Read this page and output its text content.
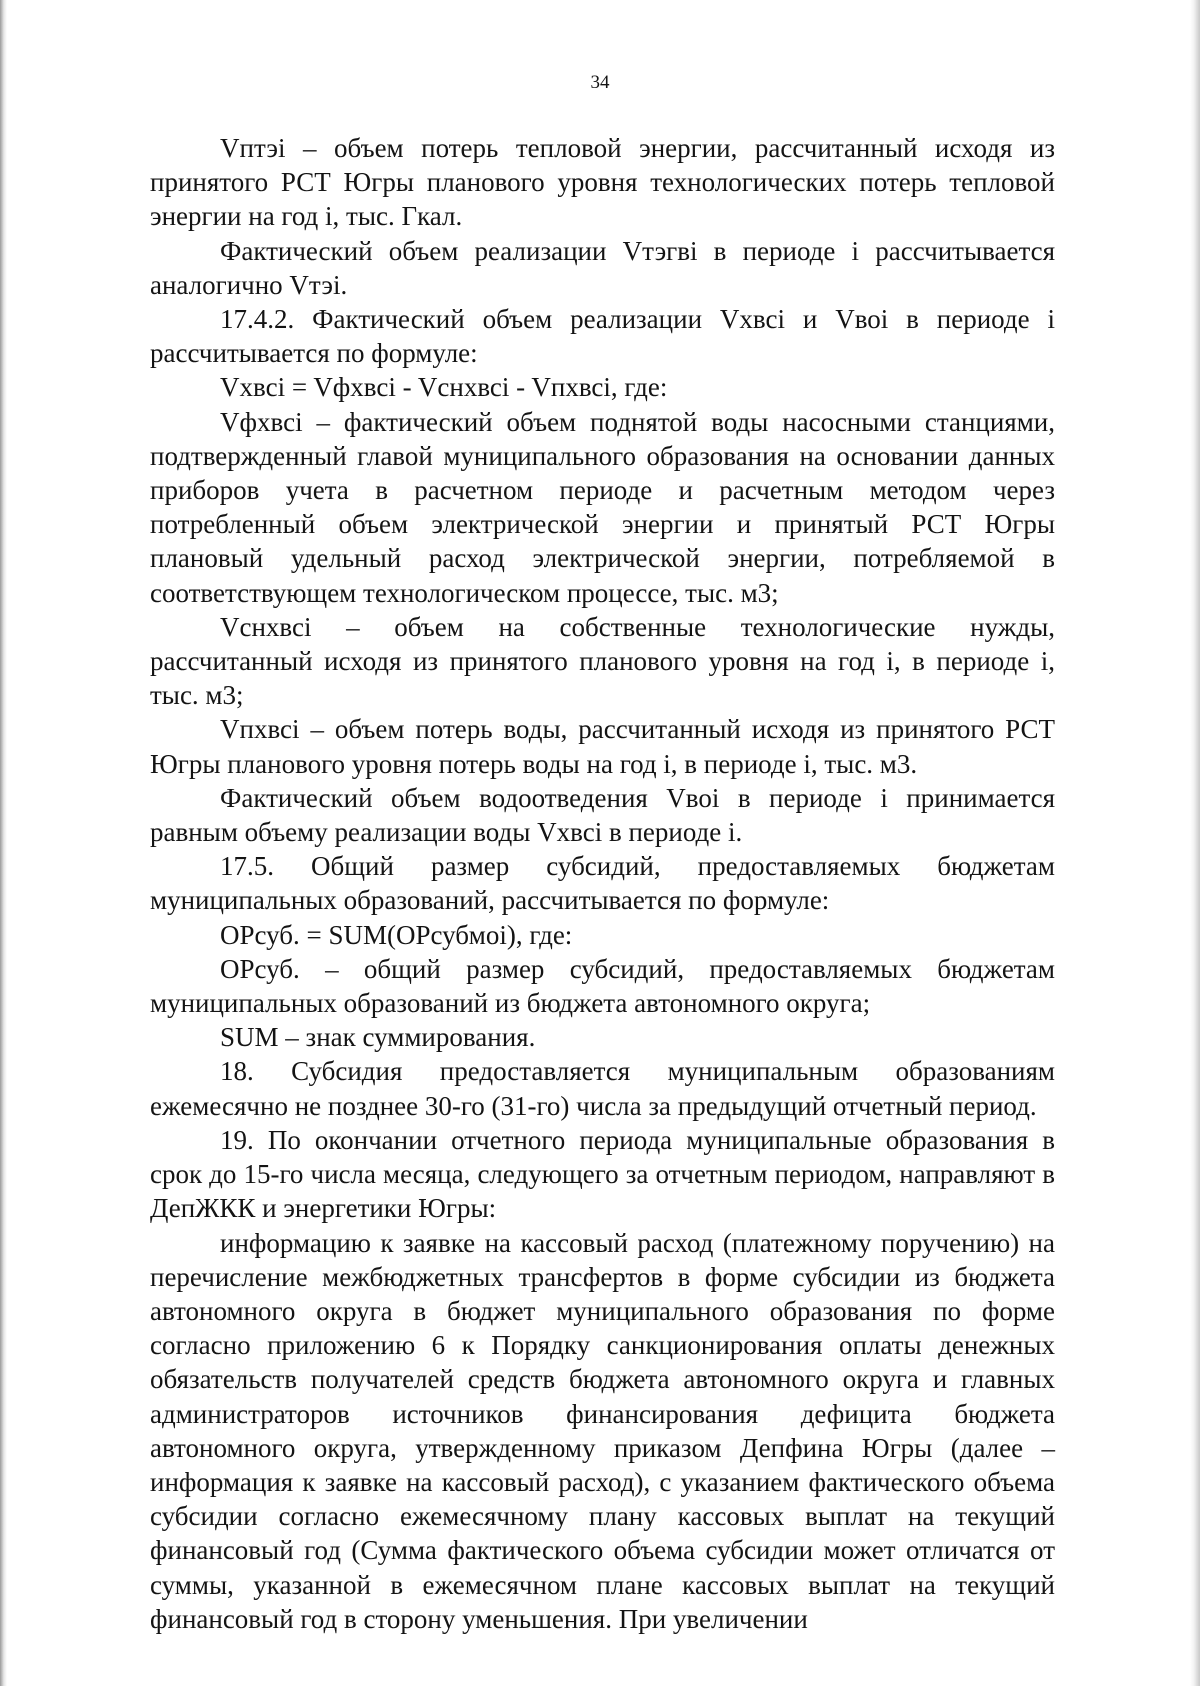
34

Vптэi – объем потерь тепловой энергии, рассчитанный исходя из принятого РСТ Югры планового уровня технологических потерь тепловой энергии на год i, тыс. Гкал.

Фактический объем реализации Vтэгвi в периоде i рассчитывается аналогично Vтэi.

17.4.2. Фактический объем реализации Vхвсi и Vвоi в периоде i рассчитывается по формуле:

Vхвсi = Vфхвсi - Vснхвсi - Vпхвсi, где:

Vфхвсi – фактический объем поднятой воды насосными станциями, подтвержденный главой муниципального образования на основании данных приборов учета в расчетном периоде и расчетным методом через потребленный объем электрической энергии и принятый РСТ Югры плановый удельный расход электрической энергии, потребляемой в соответствующем технологическом процессе, тыс. м3;

Vснхвсi – объем на собственные технологические нужды, рассчитанный исходя из принятого планового уровня на год i, в периоде i, тыс. м3;

Vпхвсi – объем потерь воды, рассчитанный исходя из принятого РСТ Югры планового уровня потерь воды на год i, в периоде i, тыс. м3.

Фактический объем водоотведения Vвоi в периоде i принимается равным объему реализации воды Vхвсi в периоде i.

17.5. Общий размер субсидий, предоставляемых бюджетам муниципальных образований, рассчитывается по формуле:

ОРсуб. = SUM(ОРсубмоi), где:

ОРсуб. – общий размер субсидий, предоставляемых бюджетам муниципальных образований из бюджета автономного округа;

SUM – знак суммирования.

18. Субсидия предоставляется муниципальным образованиям ежемесячно не позднее 30-го (31-го) числа за предыдущий отчетный период.

19. По окончании отчетного периода муниципальные образования в срок до 15-го числа месяца, следующего за отчетным периодом, направляют в ДепЖКК и энергетики Югры:

информацию к заявке на кассовый расход (платежному поручению) на перечисление межбюджетных трансфертов в форме субсидии из бюджета автономного округа в бюджет муниципального образования по форме согласно приложению 6 к Порядку санкционирования оплаты денежных обязательств получателей средств бюджета автономного округа и главных администраторов источников финансирования дефицита бюджета автономного округа, утвержденному приказом Депфина Югры (далее – информация к заявке на кассовый расход), с указанием фактического объема субсидии согласно ежемесячному плану кассовых выплат на текущий финансовый год (Сумма фактического объема субсидии может отличатся от суммы, указанной в ежемесячном плане кассовых выплат на текущий финансовый год в сторону уменьшения. При увеличении
